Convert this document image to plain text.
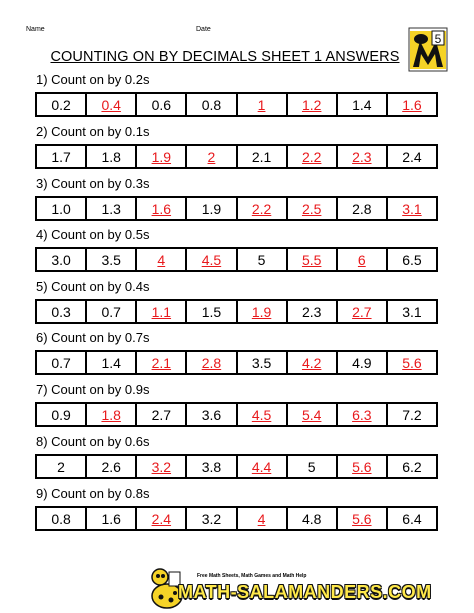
Name	Date
COUNTING ON BY DECIMALS SHEET 1 ANSWERS
5
1) Count on by 0.2s
0.2	0.4	0.6	0.8	1	1.2	1.4	1.6
2) Count on by 0.1s
1.7	1.8	1.9	2	2.1	2.2	2.3	2.4
3) Count on by 0.3s
1.0	1.3	1.6	1.9	2.2	2.5	2.8	3.1
4) Count on by 0.5s
3.0	3.5	4	4.5	5	5.5	6	6.5
5) Count on by 0.4s
0.3	0.7	1.1	1.5	1.9	2.3	2.7	3.1
6) Count on by 0.7s
0.7	1.4	2.1	2.8	3.5	4.2	4.9	5.6
7) Count on by 0.9s
0.9	1.8	2.7	3.6	4.5	5.4	6.3	7.2
8) Count on by 0.6s
2	2.6	3.2	3.8	4.4	5	5.6	6.2
9) Count on by 0.8s
0.8	1.6	2.4	3.2	4	4.8	5.6	6.4
Free Math Sheets, Math Games and Math Help
MATH-SALAMANDERS.COM
